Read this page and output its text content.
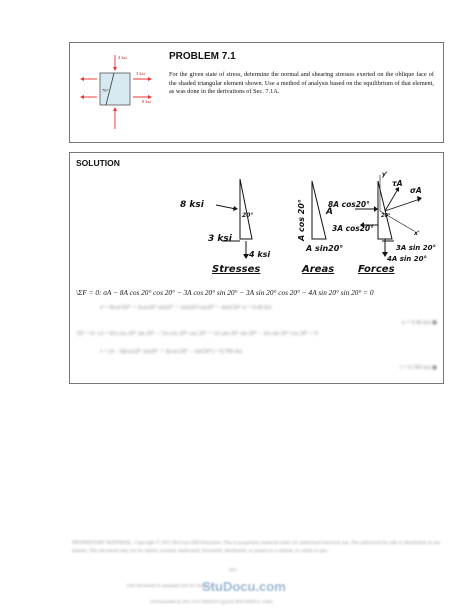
4 ksi
3 ksi
8 ksi
70°
PROBLEM 7.1
For the given state of stress, determine the normal and shearing stresses exerted on the oblique face of the shaded triangular element shown. Use a method of analysis based on the equilibrium of that element, as was done in the derivations of Sec. 7.1A.
SOLUTION
8 ksi
3 ksi
4 ksi
20°
Stresses
A cos 20° A
A sin20°
Areas
8A cos20°
3A cos20°
3A sin 20°
4A sin 20°
τA
σA
x'
y'
20°
Forces
\ΣF = 0: σA − 8A cos 20° cos 20° − 3A cos 20° sin 20° − 3A sin 20° cos 20° − 4A sin 20° sin 20° = 0
σ = 8cos²20° + 3cos20° sin20° + 3sin20°cos20° + 4sin²20° σ = 9.46 ksi
σ = 9.46 ksi ◼
\ΣF = 0: τA + 8A cos 20° sin 20° − 3A cos 20° cos 20° + 3A sin 20° sin 20° − 4A sin 20° cos 20° = 0
τ = (4 − 8)cos20° sin20° + 3(cos²20° − sin²20°) = 0.785 ksi
τ = 0.785 ksi ◼
PROPRIETARY MATERIAL. Copyright © 2015 McGraw-Hill Education. This is proprietary material solely for authorized instructor use. Not authorized for sale or distribution in any manner. This document may not be copied, scanned, duplicated, forwarded, distributed, or posted on a website, in whole or part.
1067
This document is available free of charge on
StuDocu.com
Downloaded by 0017619 0000010 (girish.0001090010 .com)
